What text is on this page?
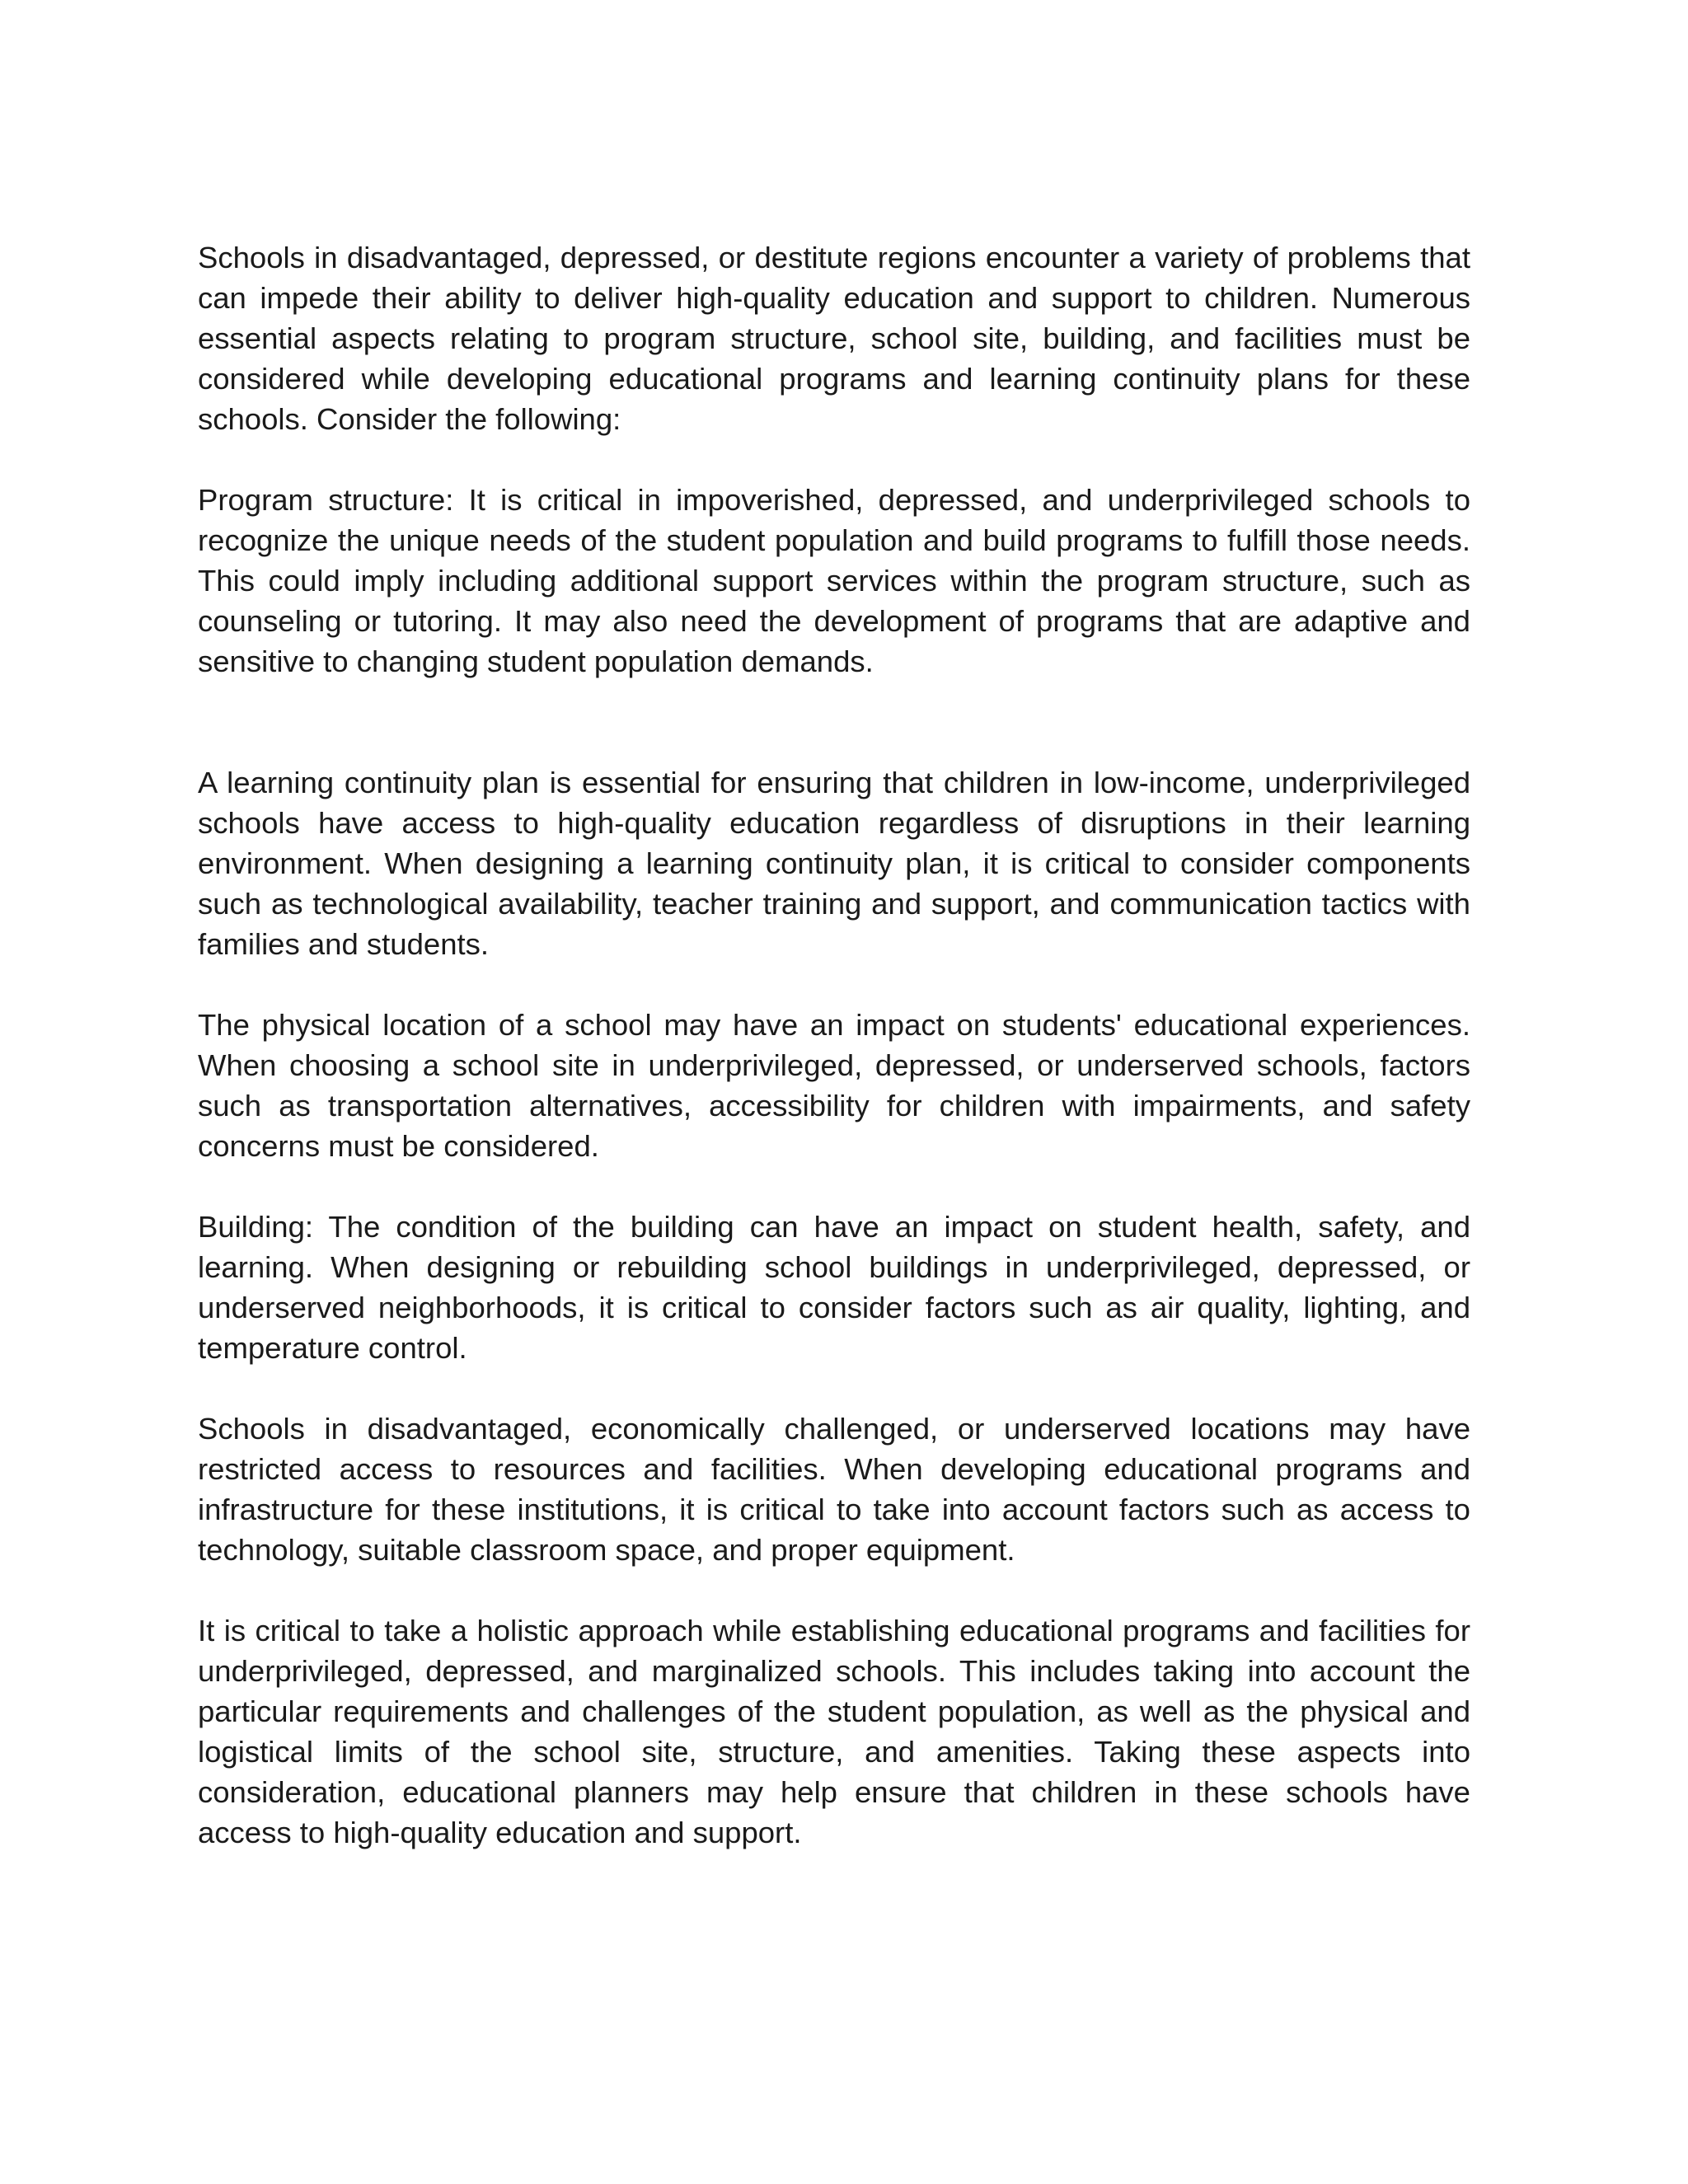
Schools in disadvantaged, depressed, or destitute regions encounter a variety of problems that can impede their ability to deliver high-quality education and support to children. Numerous essential aspects relating to program structure, school site, building, and facilities must be considered while developing educational programs and learning continuity plans for these schools. Consider the following:

Program structure: It is critical in impoverished, depressed, and underprivileged schools to recognize the unique needs of the student population and build programs to fulfill those needs. This could imply including additional support services within the program structure, such as counseling or tutoring. It may also need the development of programs that are adaptive and sensitive to changing student population demands.

A learning continuity plan is essential for ensuring that children in low-income, underprivileged schools have access to high-quality education regardless of disruptions in their learning environment. When designing a learning continuity plan, it is critical to consider components such as technological availability, teacher training and support, and communication tactics with families and students.

The physical location of a school may have an impact on students' educational experiences. When choosing a school site in underprivileged, depressed, or underserved schools, factors such as transportation alternatives, accessibility for children with impairments, and safety concerns must be considered.

Building: The condition of the building can have an impact on student health, safety, and learning. When designing or rebuilding school buildings in underprivileged, depressed, or underserved neighborhoods, it is critical to consider factors such as air quality, lighting, and temperature control.

Schools in disadvantaged, economically challenged, or underserved locations may have restricted access to resources and facilities. When developing educational programs and infrastructure for these institutions, it is critical to take into account factors such as access to technology, suitable classroom space, and proper equipment.

It is critical to take a holistic approach while establishing educational programs and facilities for underprivileged, depressed, and marginalized schools. This includes taking into account the particular requirements and challenges of the student population, as well as the physical and logistical limits of the school site, structure, and amenities. Taking these aspects into consideration, educational planners may help ensure that children in these schools have access to high-quality education and support.
